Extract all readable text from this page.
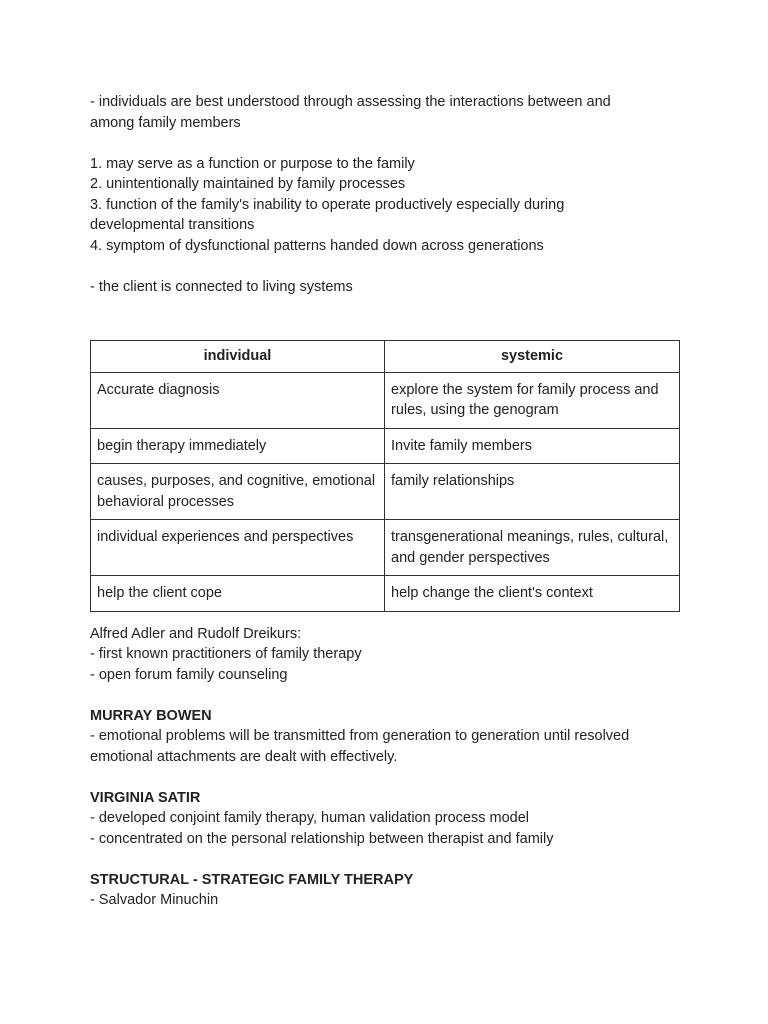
- individuals are best understood through assessing the interactions between and
among family members
1. may serve as a function or purpose to the family
2. unintentionally maintained by family processes
3. function of the family's inability to operate productively especially during
developmental transitions
4. symptom of dysfunctional patterns handed down across generations
- the client is connected to living systems
individual	systemic
Accurate diagnosis	explore the system for family process and rules, using the genogram
begin therapy immediately	Invite family members
causes, purposes, and cognitive, emotional behavioral processes	family relationships
individual experiences and perspectives	transgenerational meanings, rules, cultural, and gender perspectives
help the client cope	help change the client's context
Alfred Adler and Rudolf Dreikurs:
- first known practitioners of family therapy
- open forum family counseling
MURRAY BOWEN
- emotional problems will be transmitted from generation to generation until resolved
emotional attachments are dealt with effectively.
VIRGINIA SATIR
- developed conjoint family therapy, human validation process model
- concentrated on the personal relationship between therapist and family
STRUCTURAL - STRATEGIC FAMILY THERAPY
- Salvador Minuchin
